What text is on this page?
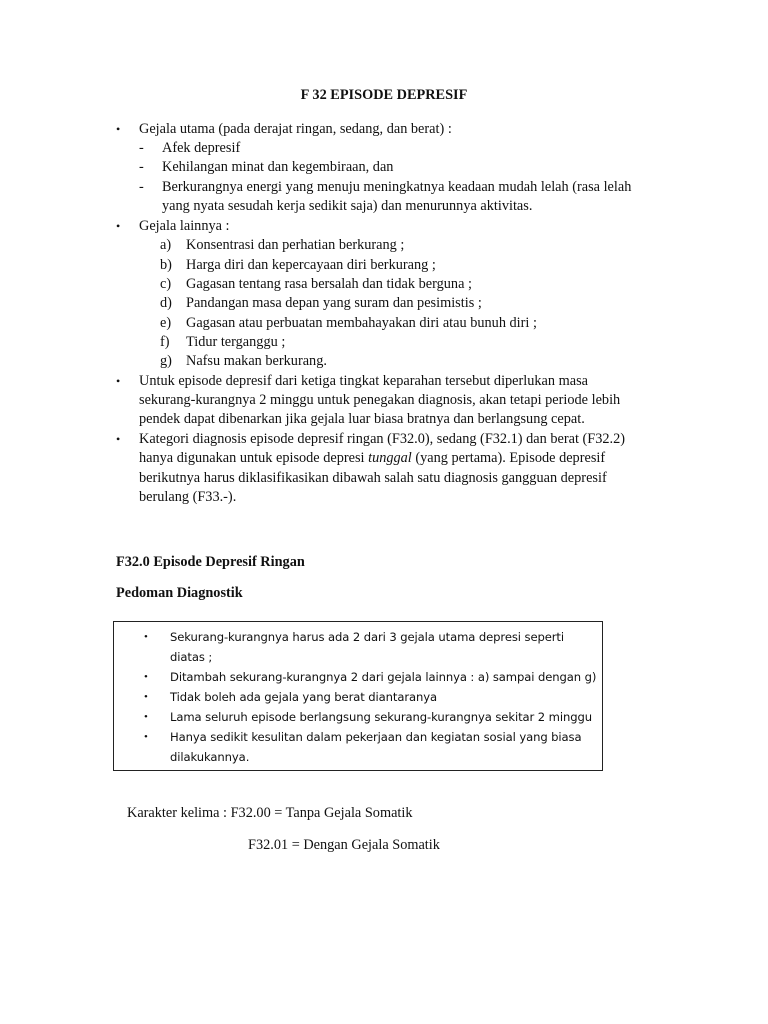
F 32 EPISODE DEPRESIF
• Gejala utama (pada derajat ringan, sedang, dan berat) :
- Afek depresif
- Kehilangan minat dan kegembiraan, dan
- Berkurangnya energi yang menuju meningkatnya keadaan mudah lelah (rasa lelah
yang nyata sesudah kerja sedikit saja) dan menurunnya aktivitas.
• Gejala lainnya :
a) Konsentrasi dan perhatian berkurang ;
b) Harga diri dan kepercayaan diri berkurang ;
c) Gagasan tentang rasa bersalah dan tidak berguna ;
d) Pandangan masa depan yang suram dan pesimistis ;
e) Gagasan atau perbuatan membahayakan diri atau bunuh diri ;
f) Tidur terganggu ;
g) Nafsu makan berkurang.
• Untuk episode depresif dari ketiga tingkat keparahan tersebut diperlukan masa
sekurang-kurangnya 2 minggu untuk penegakan diagnosis, akan tetapi periode lebih
pendek dapat dibenarkan jika gejala luar biasa bratnya dan berlangsung cepat.
• Kategori diagnosis episode depresif ringan (F32.0), sedang (F32.1) dan berat (F32.2)
hanya digunakan untuk episode depresi tunggal (yang pertama). Episode depresif
berikutnya harus diklasifikasikan dibawah salah satu diagnosis gangguan depresif
berulang (F33.-).
F32.0 Episode Depresif Ringan
Pedoman Diagnostik
• Sekurang-kurangnya harus ada 2 dari 3 gejala utama depresi seperti
diatas ;
• Ditambah sekurang-kurangnya 2 dari gejala lainnya : a) sampai dengan g)
• Tidak boleh ada gejala yang berat diantaranya
• Lama seluruh episode berlangsung sekurang-kurangnya sekitar 2 minggu
• Hanya sedikit kesulitan dalam pekerjaan dan kegiatan sosial yang biasa
dilakukannya.
Karakter kelima : F32.00 = Tanpa Gejala Somatik
F32.01 = Dengan Gejala Somatik
